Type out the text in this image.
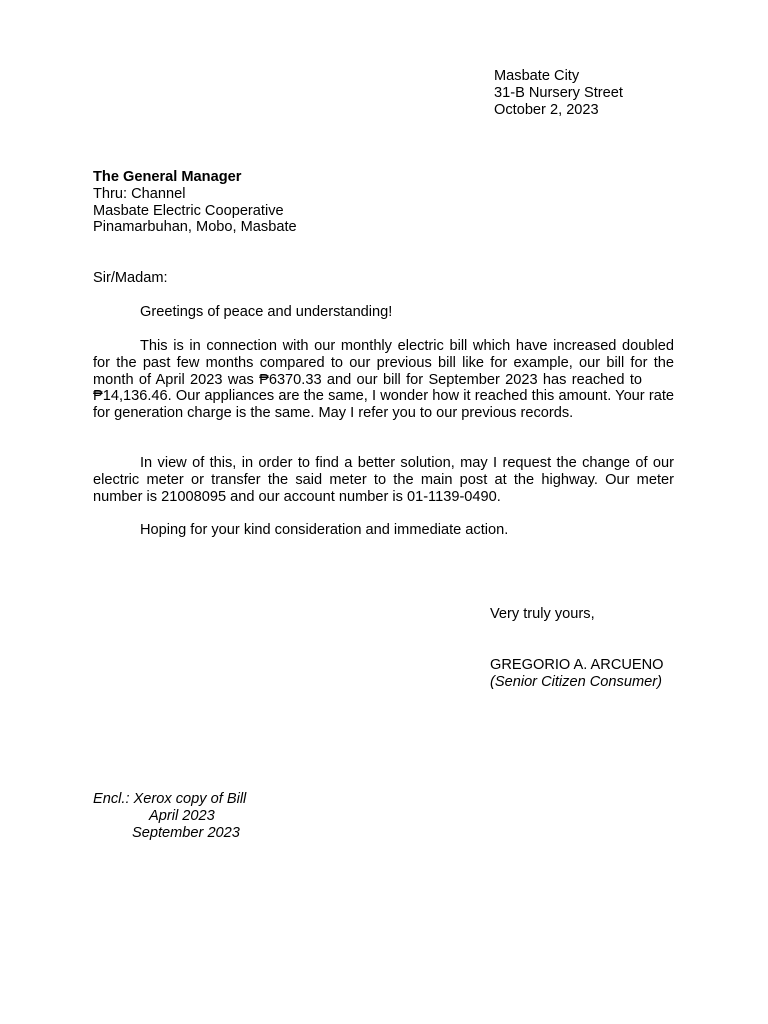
Masbate City
31-B Nursery Street
October 2, 2023
The General Manager
Thru: Channel
Masbate Electric Cooperative
Pinamarbuhan, Mobo, Masbate
Sir/Madam:

Greetings of peace and understanding!

This is in connection with our monthly electric bill which have increased doubled for the past few months compared to our previous bill like for example, our bill for the month of April 2023 was ₱6370.33 and our bill for September 2023 has reached to₱14,136.46. Our appliances are the same, I wonder how it reached this amount. Your rate for generation charge is the same. May I refer you to our previous records.

In view of this, in order to find a better solution, may I request the change of our electric meter or transfer the said meter to the main post at the highway. Our meter number is 21008095 and our account number is 01-1139-0490.

Hoping for your kind consideration and immediate action.

Very truly yours,
GREGORIO A. ARCUENO
(Senior Citizen Consumer)
Encl.: Xerox copy of Bill
April 2023
September 2023
